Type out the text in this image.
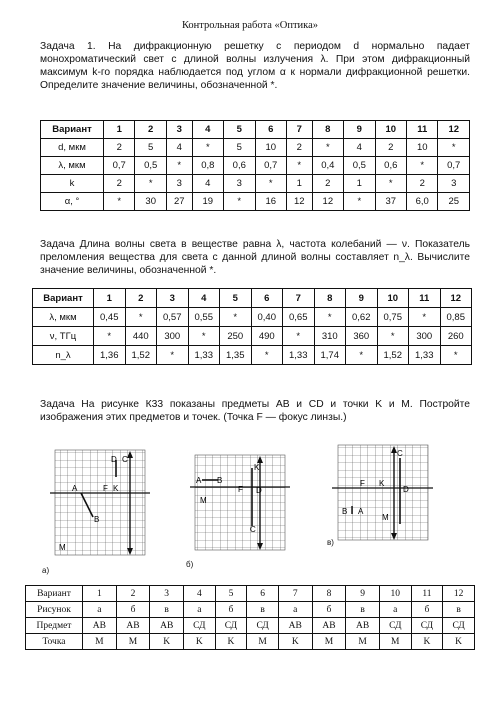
Контрольная работа «Оптика»
Задача 1. На дифракционную решетку с периодом d нормально падает монохроматический свет с длиной волны излучения λ. При этом дифракционный максимум k-го порядка наблюдается под углом α к нормали дифракционной решетки. Определите значение величины, обозначенной *.
Вариант	1	2	3	4	5	6	7	8	9	10	11	12
d, мкм	2	5	4	*	5	10	2	*	4	2	10	*
λ, мкм	0,7	0,5	*	0,8	0,6	0,7	*	0,4	0,5	0,6	*	0,7
k	2	*	3	4	3	*	1	2	1	*	2	3
α, °	*	30	27	19	*	16	12	12	*	37	6,0	25
Задача Длина волны света в веществе равна λ, частота колебаний — ν. Показатель преломления вещества для света с данной длиной волны составляет n_λ. Вычислите значение величины, обозначенной *.
Вариант	1	2	3	4	5	6	7	8	9	10	11	12
λ, мкм	0,45	*	0,57	0,55	*	0,40	0,65	*	0,62	0,75	*	0,85
ν, ТГц	*	440	300	*	250	490	*	310	360	*	300	260
n_λ	1,36	1,52	*	1,33	1,35	*	1,33	1,74	*	1,52	1,33	*
Задача На рисунке К33 показаны предметы AB и CD и точки K и M. Постройте изображения этих предметов и точек. (Точка F — фокус линзы.)
A
B
D C
F K
M
а)
A B
K
F D
C
M
б)
C
F K
D
B A
M
в)
Вариант	1	2	3	4	5	6	7	8	9	10	11	12
Рисунок	а	б	в	а	б	в	а	б	в	а	б	в
Предмет	AB	AB	AB	СД	СД	СД	AB	AB	AB	СД	СД	СД
Точка	M	M	K	K	K	M	K	M	M	M	K	K
